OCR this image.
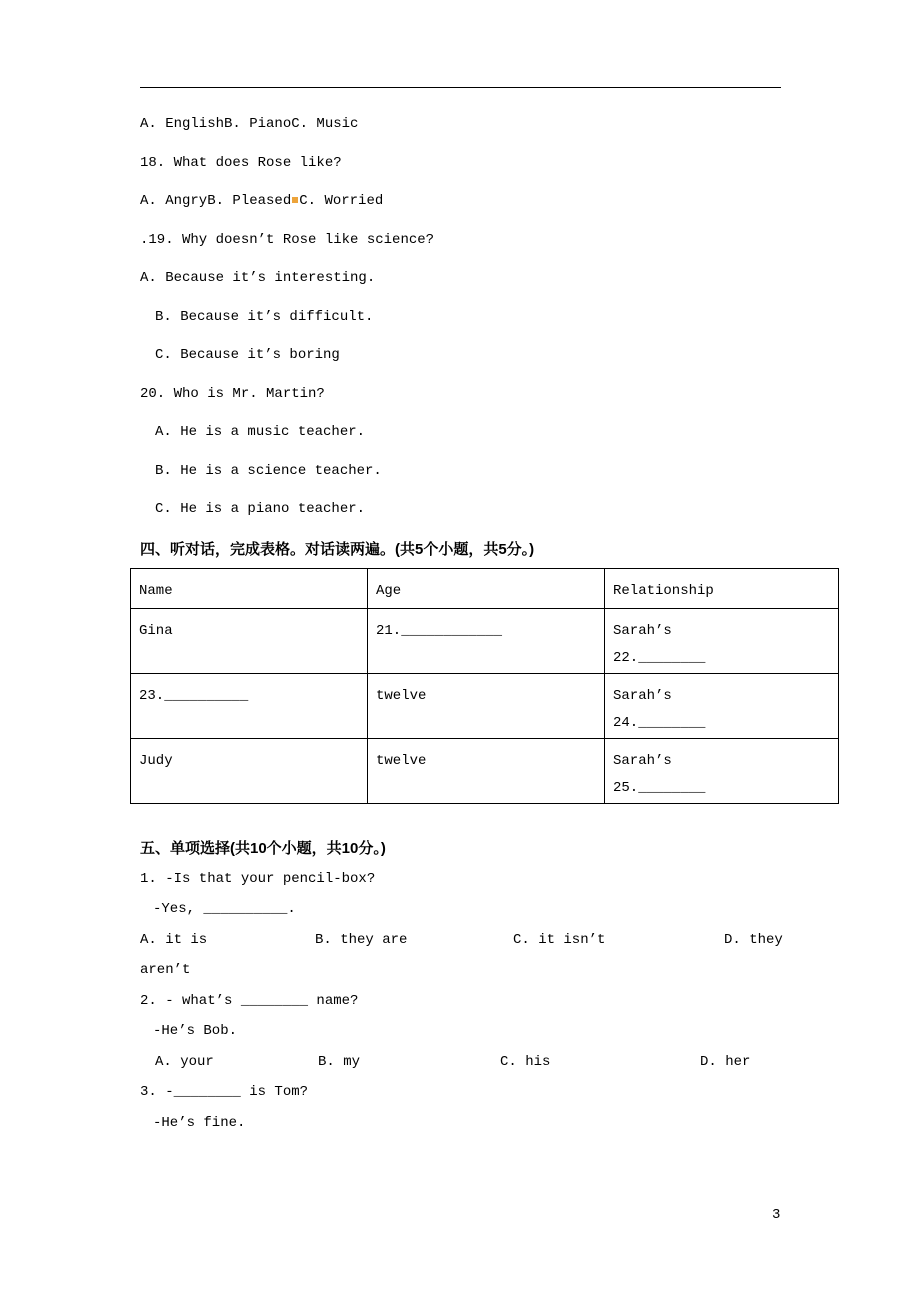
A. EnglishB. PianoC. Music
18. What does Rose like?
A. AngryB. Pleased C. Worried
.19. Why doesn’t Rose like science?
A. Because it’s interesting.
B. Because it’s difficult.
C. Because it’s boring
20. Who is Mr. Martin?
A. He is a music teacher.
B. He is a science teacher.
C. He is a piano teacher.
四、听对话，完成表格。对话读两遍。(共5个小题，共5分。)
Name	Age	Relationship
Gina	21.____________	Sarah’s
22.________

23.__________	twelve	Sarah’s
24.________

Judy	twelve	Sarah’s
25.________
五、单项选择(共10个小题，共10分。)
1. -Is that your pencil-box?
-Yes, __________.
A. it is	B. they are	C. it isn’t	D. they
aren’t
2. - what’s ________ name?
-He’s Bob.
A. your	B. my	C. his	D. her
3. -________ is Tom?
-He’s fine.
3
